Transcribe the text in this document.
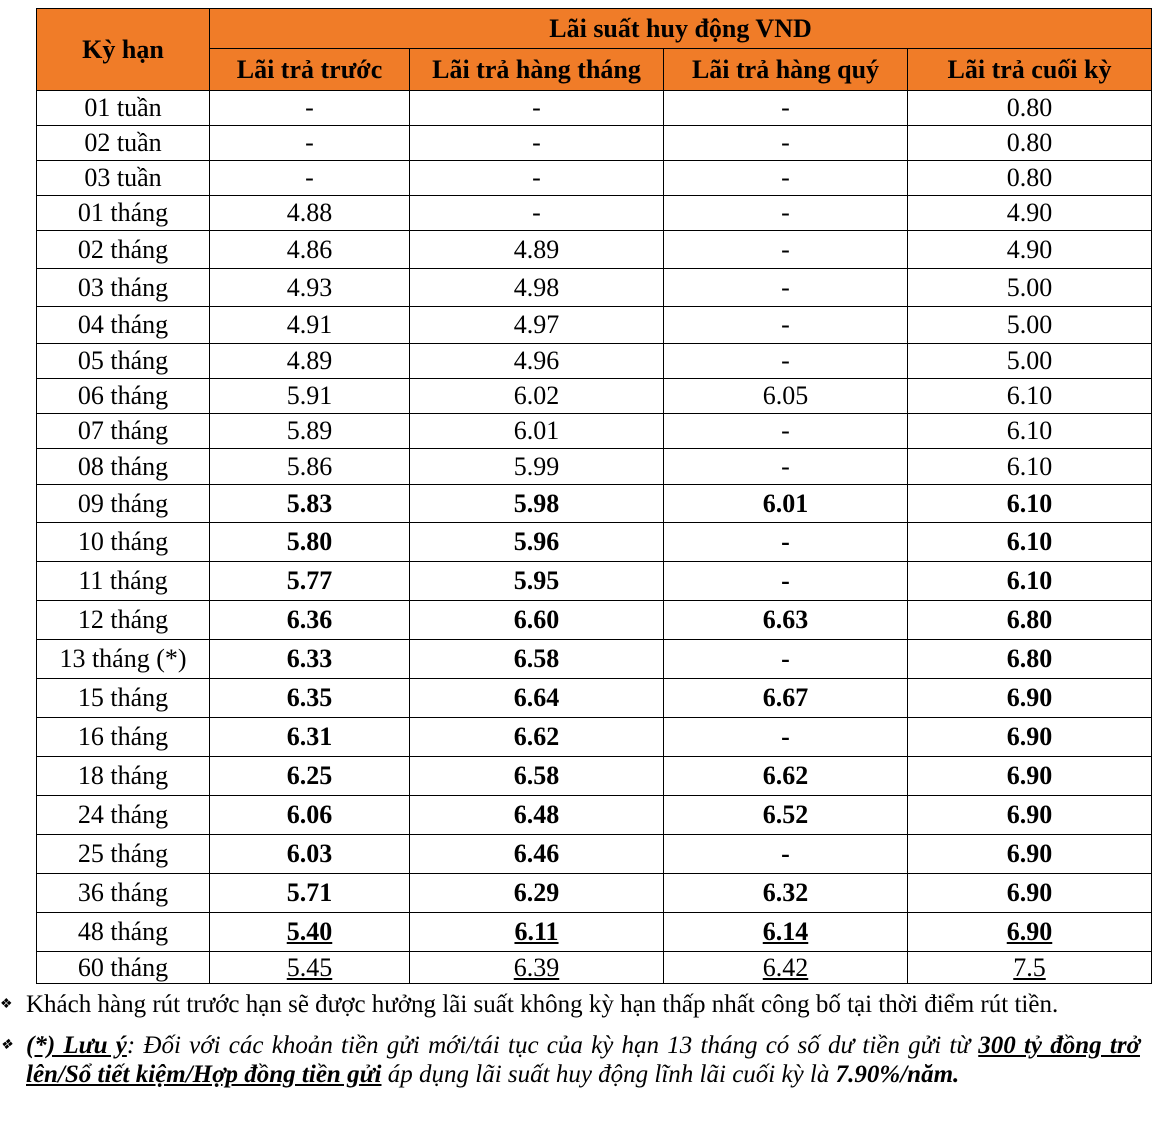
Kỳ hạn	Lãi suất huy động VND			
	Lãi trả trước	Lãi trả hàng tháng	Lãi trả hàng quý	Lãi trả cuối kỳ
01 tuần	-	-	-	0.80
02 tuần	-	-	-	0.80
03 tuần	-	-	-	0.80
01 tháng	4.88	-	-	4.90
02 tháng	4.86	4.89	-	4.90
03 tháng	4.93	4.98	-	5.00
04 tháng	4.91	4.97	-	5.00
05 tháng	4.89	4.96	-	5.00
06 tháng	5.91	6.02	6.05	6.10
07 tháng	5.89	6.01	-	6.10
08 tháng	5.86	5.99	-	6.10
09 tháng	5.83	5.98	6.01	6.10
10 tháng	5.80	5.96	-	6.10
11 tháng	5.77	5.95	-	6.10
12 tháng	6.36	6.60	6.63	6.80
13 tháng (*)	6.33	6.58	-	6.80
15 tháng	6.35	6.64	6.67	6.90
16 tháng	6.31	6.62	-	6.90
18 tháng	6.25	6.58	6.62	6.90
24 tháng	6.06	6.48	6.52	6.90
25 tháng	6.03	6.46	-	6.90
36 tháng	5.71	6.29	6.32	6.90
48 tháng	5.40	6.11	6.14	6.90
60 tháng	5.45	6.39	6.42	7.5

❖ Khách hàng rút trước hạn sẽ được hưởng lãi suất không kỳ hạn thấp nhất công bố tại thời điểm rút tiền.

❖ (*) Lưu ý: Đối với các khoản tiền gửi mới/tái tục của kỳ hạn 13 tháng có số dư tiền gửi từ 300 tỷ đồng trở lên/Sổ tiết kiệm/Hợp đồng tiền gửi áp dụng lãi suất huy động lĩnh lãi cuối kỳ là 7.90%/năm.
